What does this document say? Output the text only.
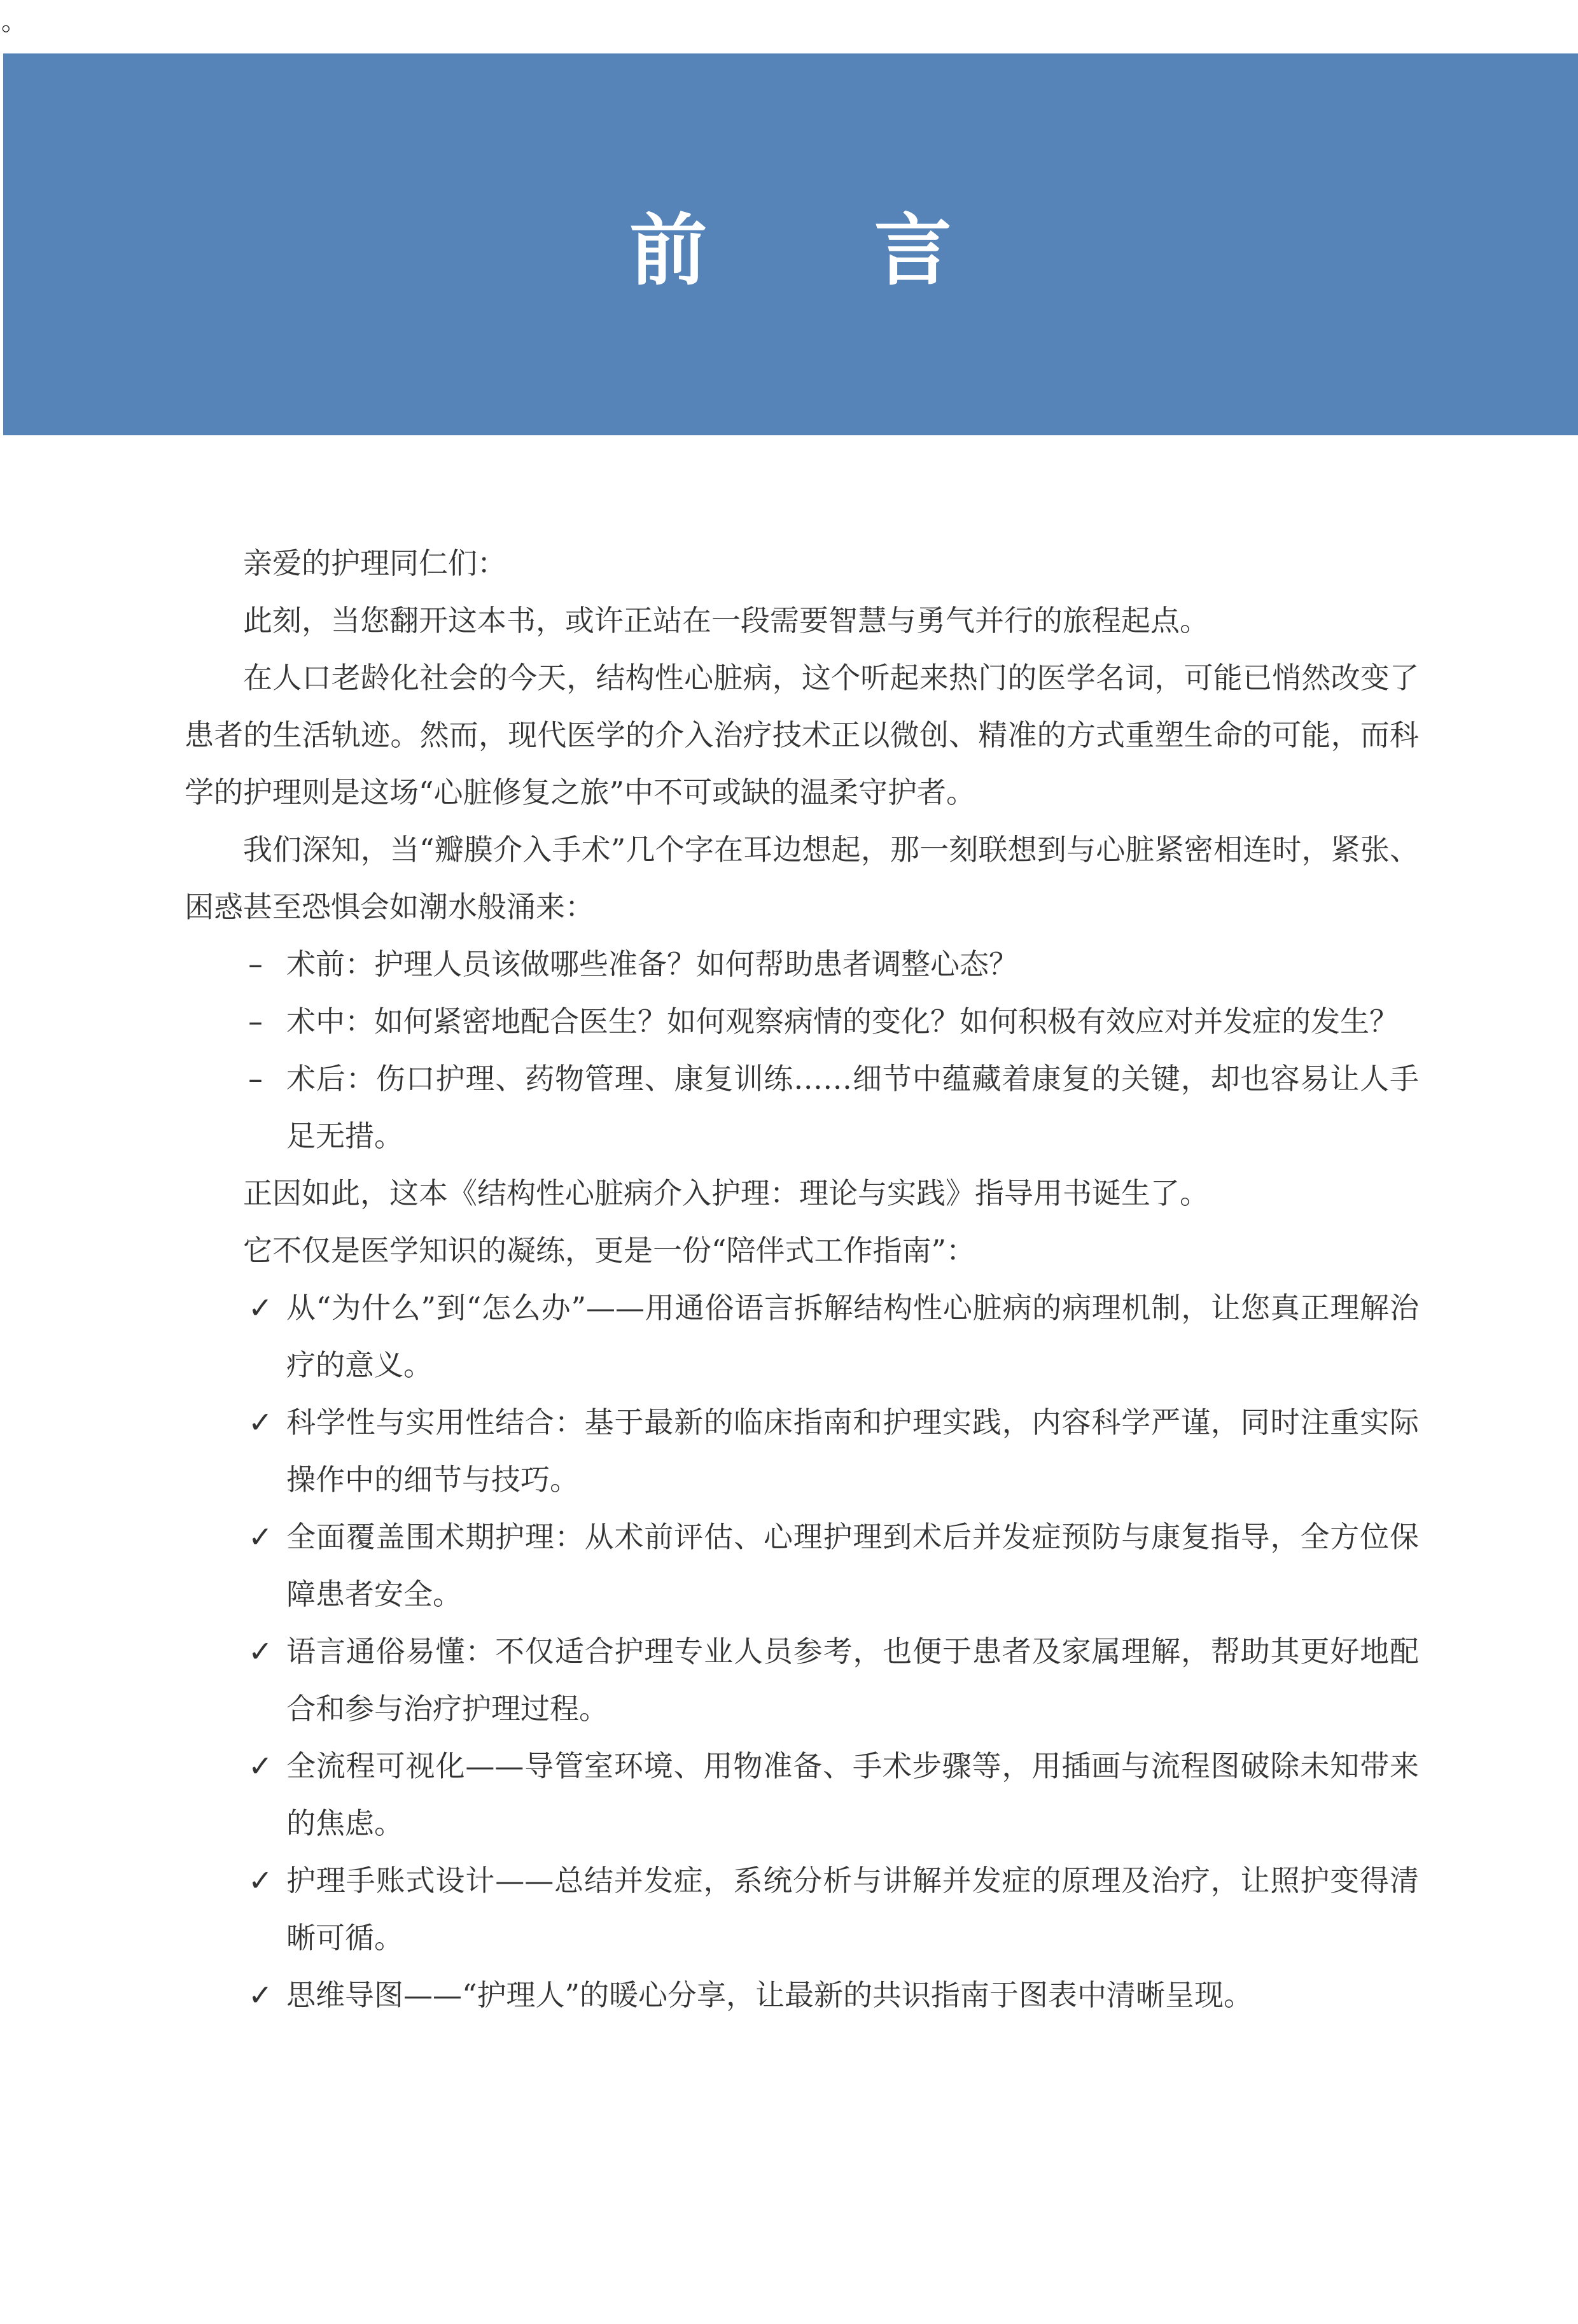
。
前 言

亲爱的护理同仁们：

此刻，当您翻开这本书，或许正站在一段需要智慧与勇气并行的旅程起点。

在人口老龄化社会的今天，结构性心脏病，这个听起来热门的医学名词，可能已悄然改变了患者的生活轨迹。然而，现代医学的介入治疗技术正以微创、精准的方式重塑生命的可能，而科学的护理则是这场“心脏修复之旅”中不可或缺的温柔守护者。

我们深知，当“瓣膜介入手术”几个字在耳边想起，那一刻联想到与心脏紧密相连时，紧张、困惑甚至恐惧会如潮水般涌来：

– 术前：护理人员该做哪些准备？如何帮助患者调整心态？
– 术中：如何紧密地配合医生？如何观察病情的变化？如何积极有效应对并发症的发生？
– 术后：伤口护理、药物管理、康复训练……细节中蕴藏着康复的关键，却也容易让人手足无措。

正因如此，这本《结构性心脏病介入护理：理论与实践》指导用书诞生了。

它不仅是医学知识的凝练，更是一份“陪伴式工作指南”：

✓ 从“为什么”到“怎么办”——用通俗语言拆解结构性心脏病的病理机制，让您真正理解治疗的意义。
✓ 科学性与实用性结合：基于最新的临床指南和护理实践，内容科学严谨，同时注重实际操作中的细节与技巧。
✓ 全面覆盖围术期护理：从术前评估、心理护理到术后并发症预防与康复指导，全方位保障患者安全。
✓ 语言通俗易懂：不仅适合护理专业人员参考，也便于患者及家属理解，帮助其更好地配合和参与治疗护理过程。
✓ 全流程可视化——导管室环境、用物准备、手术步骤等，用插画与流程图破除未知带来的焦虑。
✓ 护理手账式设计——总结并发症，系统分析与讲解并发症的原理及治疗，让照护变得清晰可循。
✓ 思维导图——“护理人”的暖心分享，让最新的共识指南于图表中清晰呈现。
